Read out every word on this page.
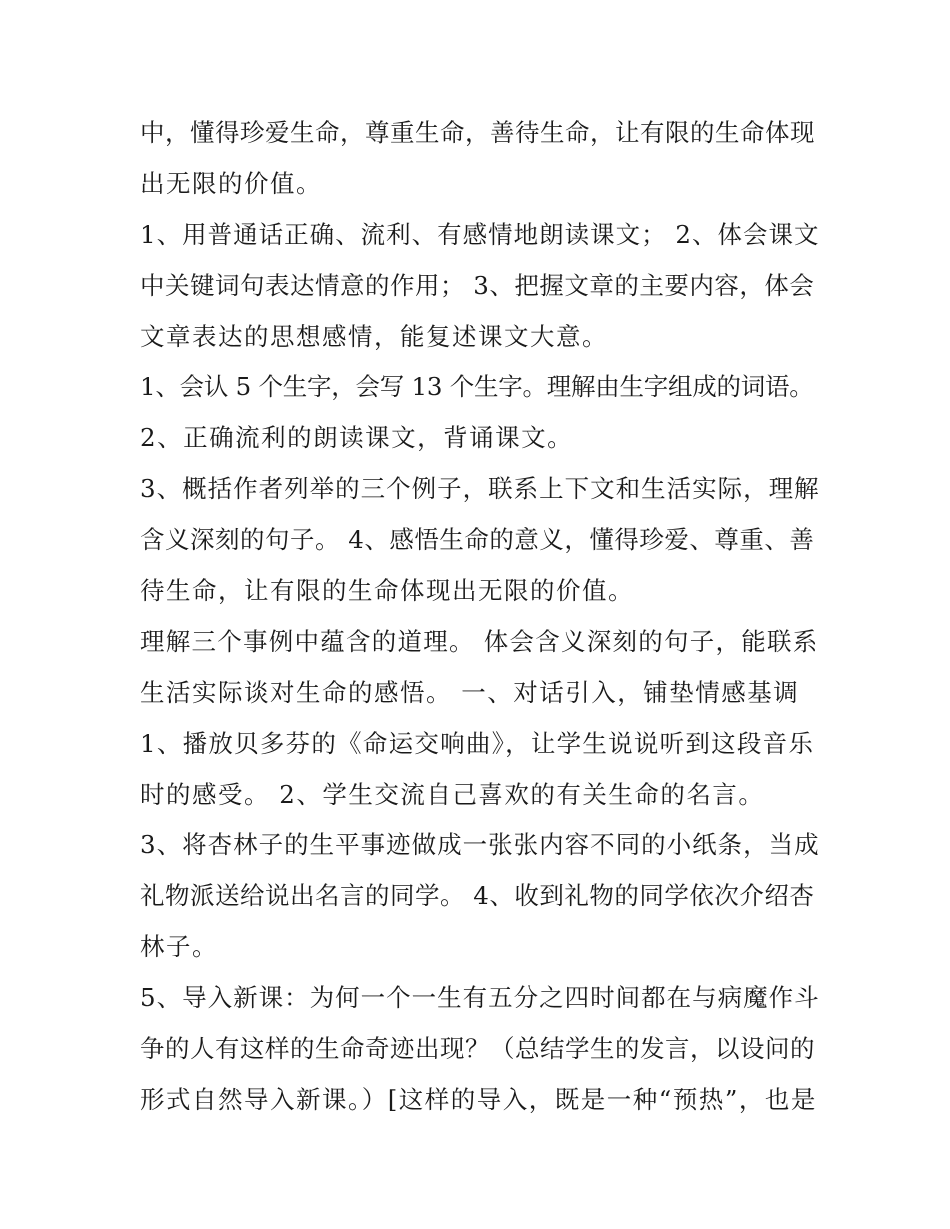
中，懂得珍爱生命，尊重生命，善待生命，让有限的生命体现
出无限的价值。
1、用普通话正确、流利、有感情地朗读课文； 2、体会课文
中关键词句表达情意的作用； 3、把握文章的主要内容，体会
文章表达的思想感情，能复述课文大意。
1、会认 5 个生字，会写 13 个生字。理解由生字组成的词语。
2、正确流利的朗读课文，背诵课文。
3、概括作者列举的三个例子，联系上下文和生活实际，理解
含义深刻的句子。 4、感悟生命的意义，懂得珍爱、尊重、善
待生命，让有限的生命体现出无限的价值。
理解三个事例中蕴含的道理。 体会含义深刻的句子，能联系
生活实际谈对生命的感悟。 一、对话引入，铺垫情感基调
1、播放贝多芬的《命运交响曲》，让学生说说听到这段音乐
时的感受。 2、学生交流自己喜欢的有关生命的名言。
3、将杏林子的生平事迹做成一张张内容不同的小纸条，当成
礼物派送给说出名言的同学。 4、收到礼物的同学依次介绍杏
林子。
5、导入新课：为何一个一生有五分之四时间都在与病魔作斗
争的人有这样的生命奇迹出现？（总结学生的发言，以设问的
形式自然导入新课。）[这样的导入，既是一种“预热”，也是
